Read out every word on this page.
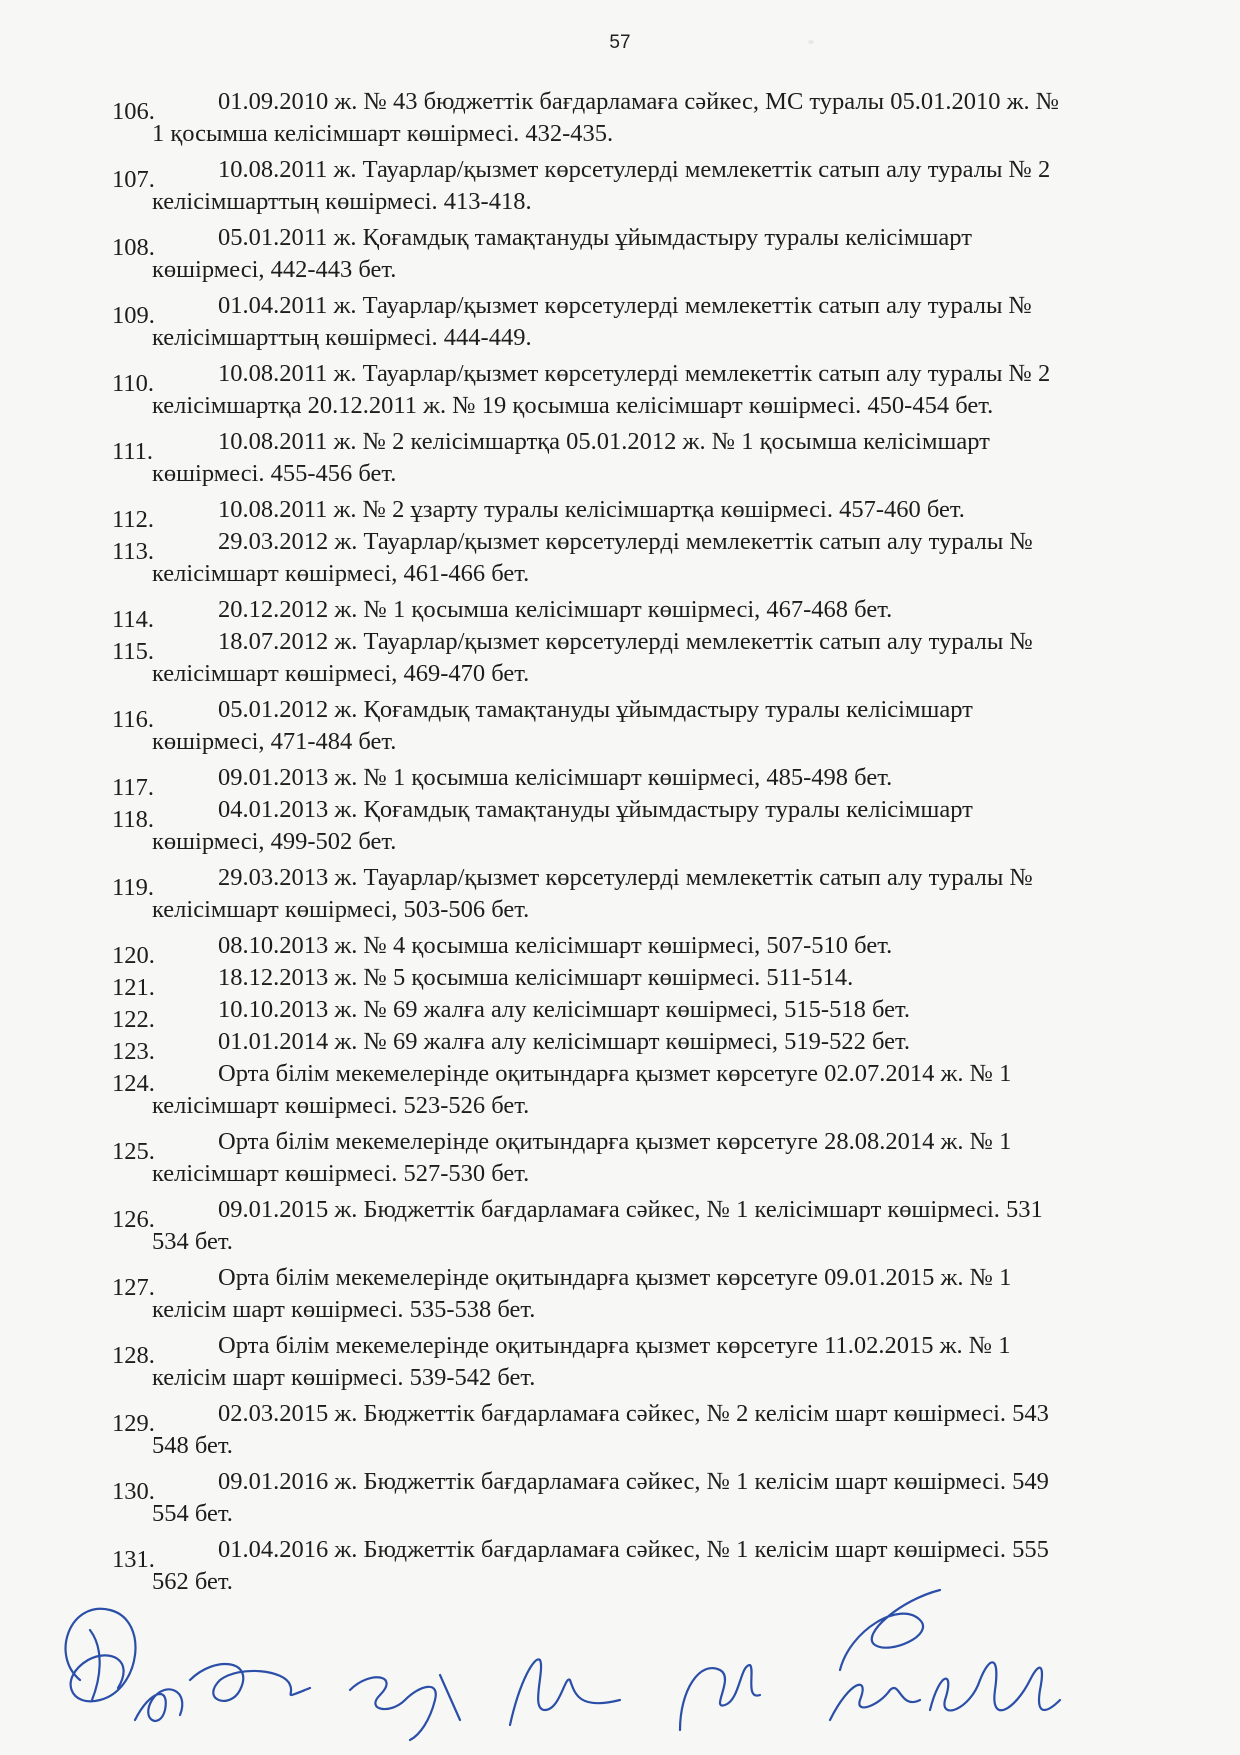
57
106.	01.09.2010 ж. № 43 бюджеттік бағдарламаға сәйкес, МС туралы 05.01.2010 ж. №
1 қосымша келісімшарт көшірмесі. 432-435.
107.	10.08.2011 ж. Тауарлар/қызмет көрсетулерді мемлекеттік сатып алу туралы № 2
келісімшарттың көшірмесі. 413-418.
108.	05.01.2011 ж. Қоғамдық тамақтануды ұйымдастыру туралы келісімшарт
көшірмесі, 442-443 бет.
109.	01.04.2011 ж. Тауарлар/қызмет көрсетулерді мемлекеттік сатып алу туралы №
келісімшарттың көшірмесі. 444-449.
110.	10.08.2011 ж. Тауарлар/қызмет көрсетулерді мемлекеттік сатып алу туралы № 2
келісімшартқа 20.12.2011 ж. № 19 қосымша келісімшарт көшірмесі. 450-454 бет.
111.	10.08.2011 ж. № 2 келісімшартқа 05.01.2012 ж. № 1 қосымша келісімшарт
көшірмесі. 455-456 бет.
112.	10.08.2011 ж. № 2 ұзарту туралы келісімшартқа көшірмесі. 457-460 бет.
113.	29.03.2012 ж. Тауарлар/қызмет көрсетулерді мемлекеттік сатып алу туралы №
келісімшарт көшірмесі, 461-466 бет.
114.	20.12.2012 ж. № 1 қосымша келісімшарт көшірмесі, 467-468 бет.
115.	18.07.2012 ж. Тауарлар/қызмет көрсетулерді мемлекеттік сатып алу туралы №
келісімшарт көшірмесі, 469-470 бет.
116.	05.01.2012 ж. Қоғамдық тамақтануды ұйымдастыру туралы келісімшарт
көшірмесі, 471-484 бет.
117.	09.01.2013 ж. № 1 қосымша келісімшарт көшірмесі, 485-498 бет.
118.	04.01.2013 ж. Қоғамдық тамақтануды ұйымдастыру туралы келісімшарт
көшірмесі, 499-502 бет.
119.	29.03.2013 ж. Тауарлар/қызмет көрсетулерді мемлекеттік сатып алу туралы №
келісімшарт көшірмесі, 503-506 бет.
120.	08.10.2013 ж. № 4 қосымша келісімшарт көшірмесі, 507-510 бет.
121.	18.12.2013 ж. № 5 қосымша келісімшарт көшірмесі. 511-514.
122.	10.10.2013 ж. № 69 жалға алу келісімшарт көшірмесі, 515-518 бет.
123.	01.01.2014 ж. № 69 жалға алу келісімшарт көшірмесі, 519-522 бет.
124.	Орта білім мекемелерінде оқитындарға қызмет көрсетуге 02.07.2014 ж. № 1
келісімшарт көшірмесі. 523-526 бет.
125.	Орта білім мекемелерінде оқитындарға қызмет көрсетуге 28.08.2014 ж. № 1
келісімшарт көшірмесі. 527-530 бет.
126.	09.01.2015 ж. Бюджеттік бағдарламаға сәйкес, № 1 келісімшарт көшірмесі. 531
534 бет.
127.	Орта білім мекемелерінде оқитындарға қызмет көрсетуге 09.01.2015 ж. № 1
келісім шарт көшірмесі. 535-538 бет.
128.	Орта білім мекемелерінде оқитындарға қызмет көрсетуге 11.02.2015 ж. № 1
келісім шарт көшірмесі. 539-542 бет.
129.	02.03.2015 ж. Бюджеттік бағдарламаға сәйкес, № 2 келісім шарт көшірмесі. 543
548 бет.
130.	09.01.2016 ж. Бюджеттік бағдарламаға сәйкес, № 1 келісім шарт көшірмесі. 549
554 бет.
131.	01.04.2016 ж. Бюджеттік бағдарламаға сәйкес, № 1 келісім шарт көшірмесі. 555
562 бет.
